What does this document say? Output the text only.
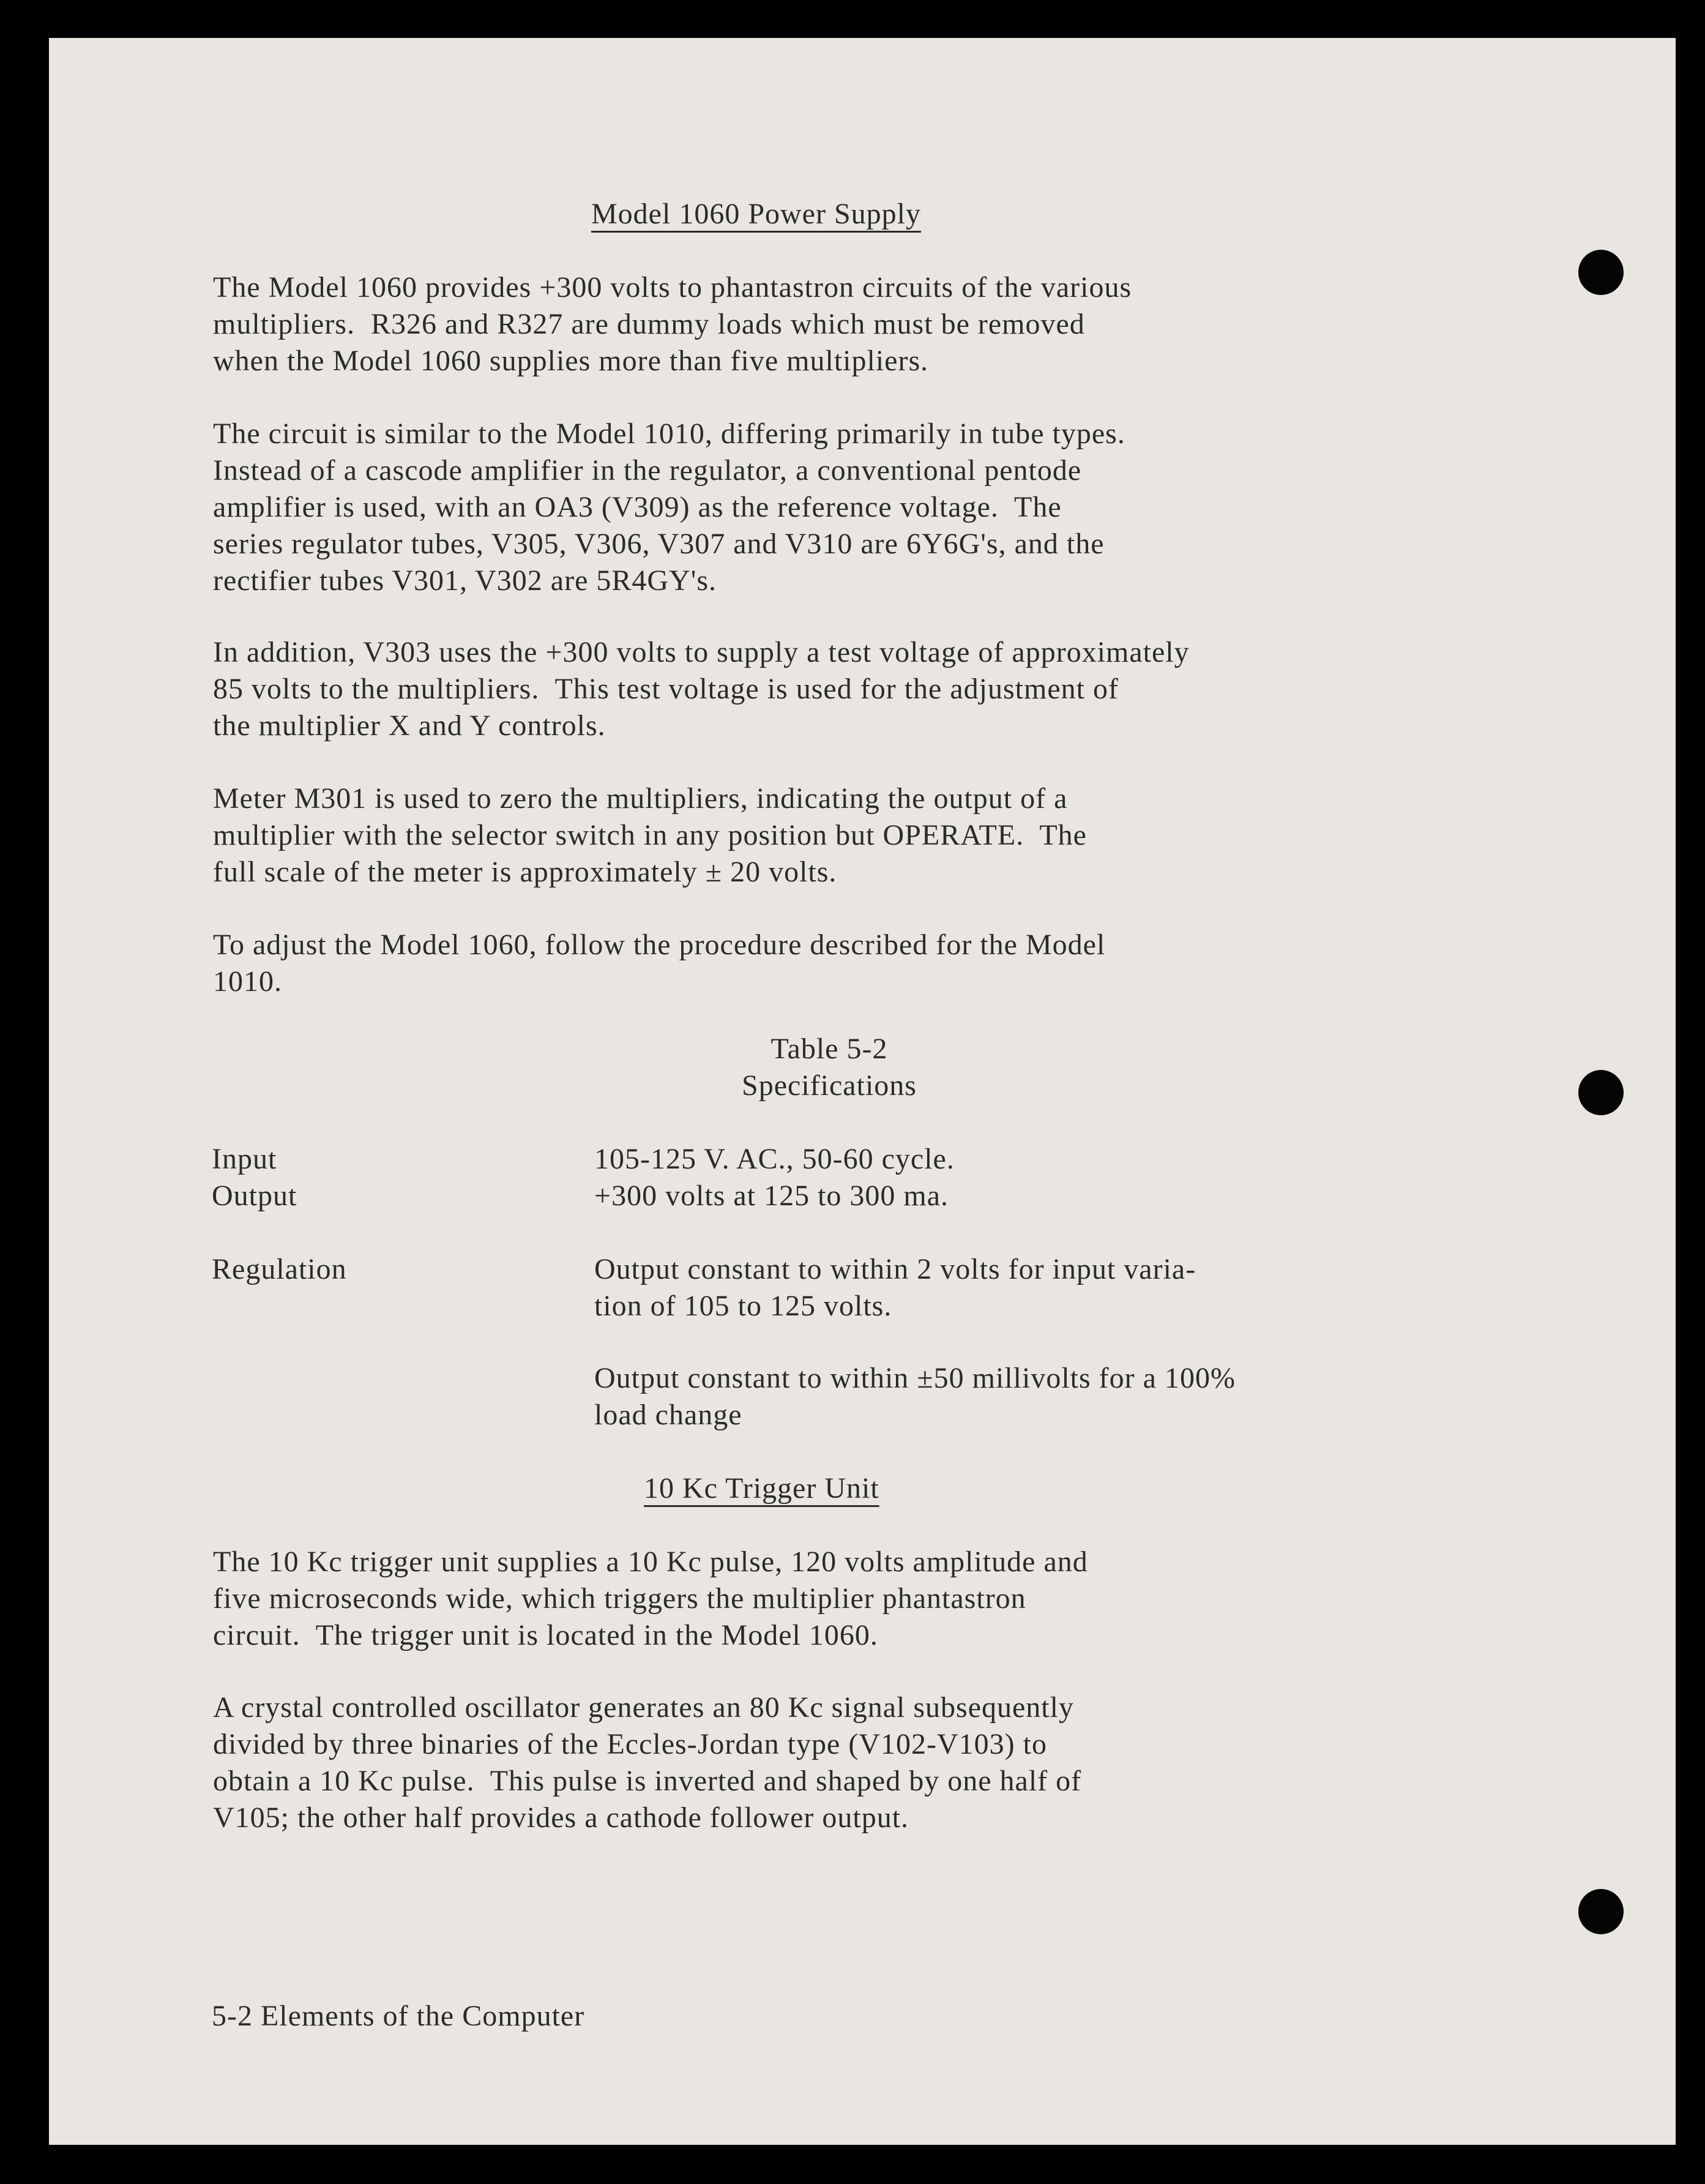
Model 1060 Power Supply
The Model 1060 provides +300 volts to phantastron circuits of the various
multipliers.  R326 and R327 are dummy loads which must be removed
when the Model 1060 supplies more than five multipliers.
The circuit is similar to the Model 1010, differing primarily in tube types.
Instead of a cascode amplifier in the regulator, a conventional pentode
amplifier is used, with an OA3 (V309) as the reference voltage.  The
series regulator tubes, V305, V306, V307 and V310 are 6Y6G's, and the
rectifier tubes V301, V302 are 5R4GY's.
In addition, V303 uses the +300 volts to supply a test voltage of approximately
85 volts to the multipliers.  This test voltage is used for the adjustment of
the multiplier X and Y controls.
Meter M301 is used to zero the multipliers, indicating the output of a
multiplier with the selector switch in any position but OPERATE.  The
full scale of the meter is approximately ± 20 volts.
To adjust the Model 1060, follow the procedure described for the Model
1010.
Table 5-2
Specifications
Input	105-125 V. AC., 50-60 cycle.
Output	+300 volts at 125 to 300 ma.
Regulation	Output constant to within 2 volts for input varia-
tion of 105 to 125 volts.
Output constant to within ±50 millivolts for a 100%
load change
10 Kc Trigger Unit
The 10 Kc trigger unit supplies a 10 Kc pulse, 120 volts amplitude and
five microseconds wide, which triggers the multiplier phantastron
circuit.  The trigger unit is located in the Model 1060.
A crystal controlled oscillator generates an 80 Kc signal subsequently
divided by three binaries of the Eccles-Jordan type (V102-V103) to
obtain a 10 Kc pulse.  This pulse is inverted and shaped by one half of
V105; the other half provides a cathode follower output.
5-2 Elements of the Computer
